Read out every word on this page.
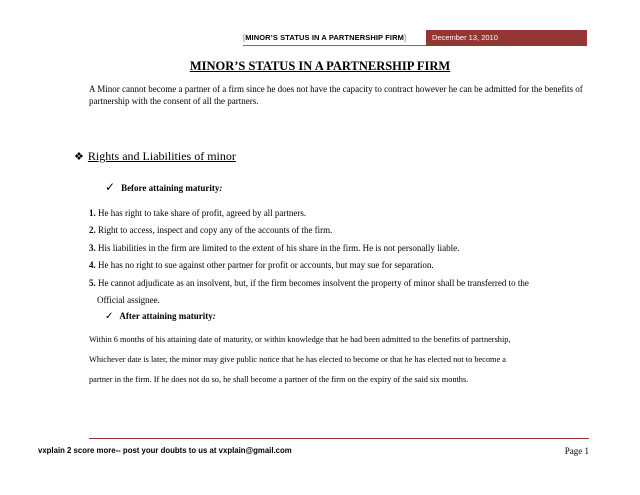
[MINOR’S STATUS IN A PARTNERSHIP FIRM]	December 13, 2010
MINOR’S STATUS IN A PARTNERSHIP FIRM
A Minor cannot become a partner of a firm since he does not have the capacity to contract however he can be admitted for the benefits of partnership with the consent of all the partners.
❖ Rights and Liabilities of minor
✓ Before attaining maturity:
1. He has right to take share of profit, agreed by all partners.
2. Right to access, inspect and copy any of the accounts of the firm.
3. His liabilities in the firm are limited to the extent of his share in the firm. He is not personally liable.
4. He has no right to sue against other partner for profit or accounts, but may sue for separation.
5. He cannot adjudicate as an insolvent, but, if the firm becomes insolvent the property of minor shall be transferred to the
Official assignee.
✓ After attaining maturity:
Within 6 months of his attaining date of maturity, or within knowledge that he had been admitted to the benefits of partnership,
Whichever date is later, the minor may give public notice that he has elected to become or that he has elected not to become a
partner in the firm. If he does not do so, he shall become a partner of the firm on the expiry of the said six months.
vxplain 2 score more-- post your doubts to us at vxplain@gmail.com	Page 1
